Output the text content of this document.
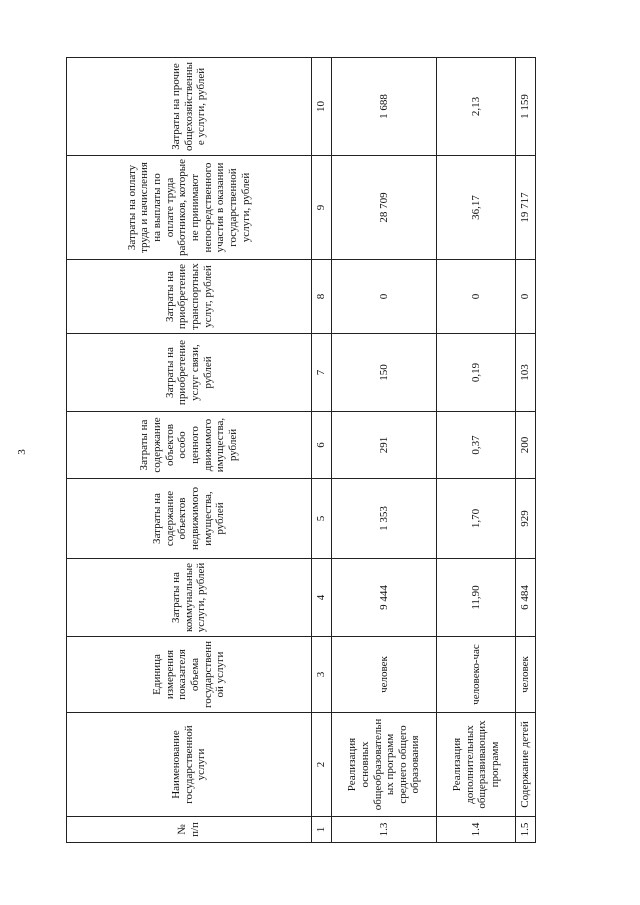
3
№ п/п	Наименование государственной услуги	Единица измерения показателя объема государственной услуги	Затраты на коммунальные услуги, рублей	Затраты на содержание объектов недвижимого имущества, рублей	Затраты на содержание объектов особо ценного движимого имущества, рублей	Затраты на приобретение услуг связи, рублей	Затраты на приобретение транспортных услуг, рублей	Затраты на оплату труда и начисления на выплаты по оплате труда работников, которые не принимают непосредственного участия в оказании государственной услуги, рублей	Затраты на прочие общехозяйственные услуги, рублей
1	2	3	4	5	6	7	8	9	10
1.3	Реализация основных общеобразовательных программ среднего общего образования	человек	9 444	1 353	291	150	0	28 709	1 688
1.4	Реализация дополнительных общеразвивающих программ	человеко-час	11,90	1,70	0,37	0,19	0	36,17	2,13
1.5	Содержание детей	человек	6 484	929	200	103	0	19 717	1 159
